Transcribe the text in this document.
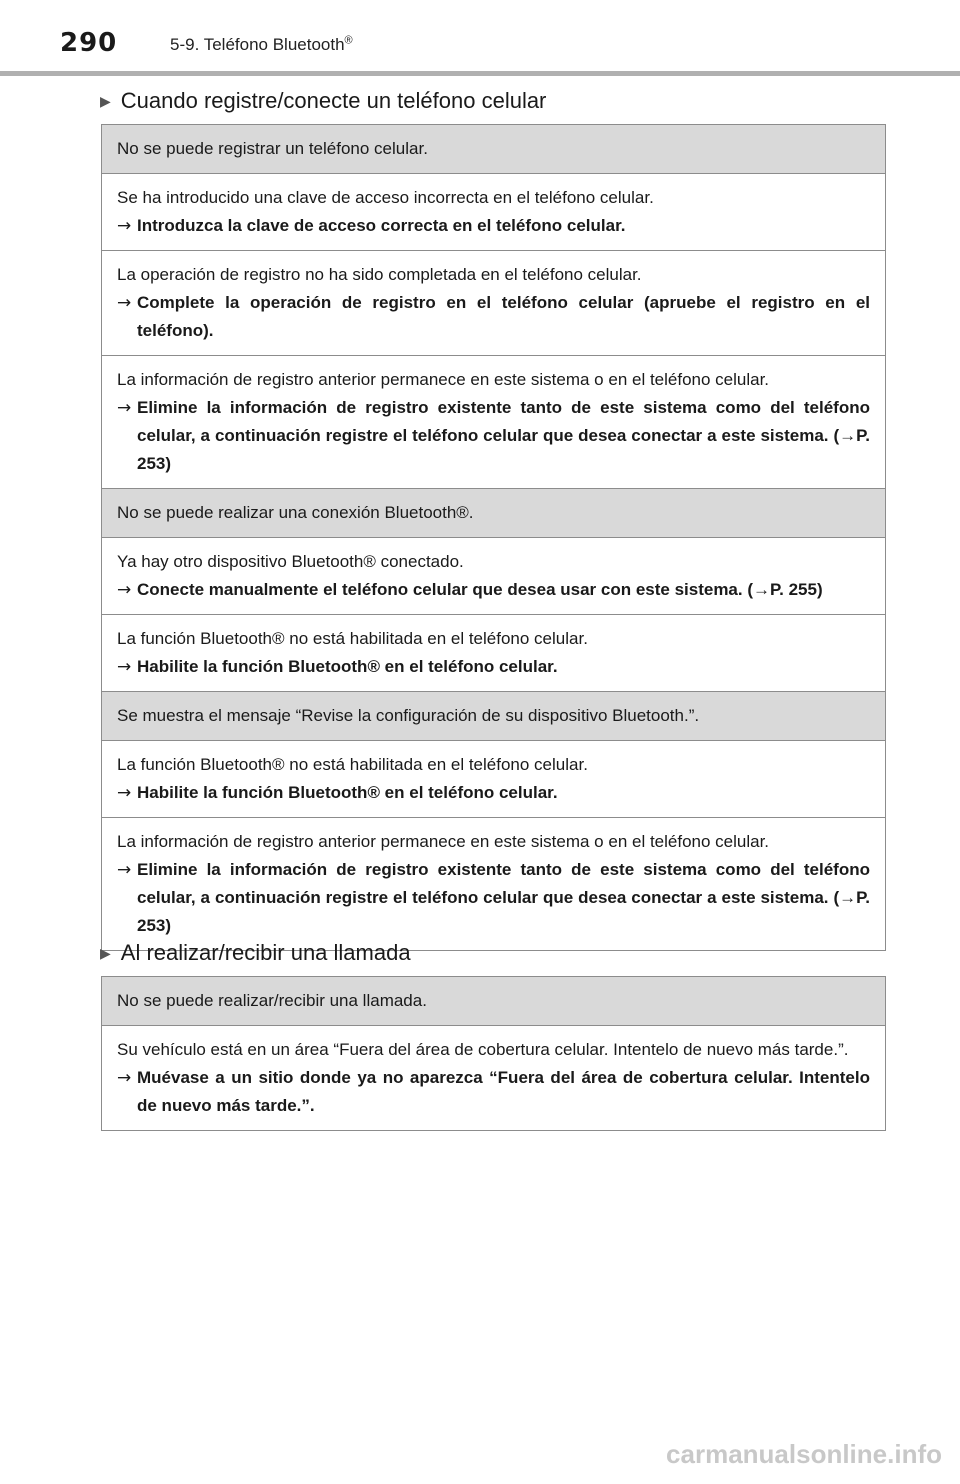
290	5-9. Teléfono Bluetooth®
▶ Cuando registre/conecte un teléfono celular
No se puede registrar un teléfono celular.
Se ha introducido una clave de acceso incorrecta en el teléfono celular.
→ Introduzca la clave de acceso correcta en el teléfono celular.
La operación de registro no ha sido completada en el teléfono celular.
→ Complete la operación de registro en el teléfono celular (apruebe el registro en el teléfono).
La información de registro anterior permanece en este sistema o en el teléfono celular.
→ Elimine la información de registro existente tanto de este sistema como del teléfono celular, a continuación registre el teléfono celular que desea conectar a este sistema. (→P. 253)
No se puede realizar una conexión Bluetooth®.
Ya hay otro dispositivo Bluetooth® conectado.
→ Conecte manualmente el teléfono celular que desea usar con este sistema. (→P. 255)
La función Bluetooth® no está habilitada en el teléfono celular.
→ Habilite la función Bluetooth® en el teléfono celular.
Se muestra el mensaje “Revise la configuración de su dispositivo Bluetooth.”.
La función Bluetooth® no está habilitada en el teléfono celular.
→ Habilite la función Bluetooth® en el teléfono celular.
La información de registro anterior permanece en este sistema o en el teléfono celular.
→ Elimine la información de registro existente tanto de este sistema como del teléfono celular, a continuación registre el teléfono celular que desea conectar a este sistema. (→P. 253)
▶ Al realizar/recibir una llamada
No se puede realizar/recibir una llamada.
Su vehículo está en un área “Fuera del área de cobertura celular. Intentelo de nuevo más tarde.”.
→ Muévase a un sitio donde ya no aparezca “Fuera del área de cobertura celular. Intentelo de nuevo más tarde.”.
carmanualsonline.info
